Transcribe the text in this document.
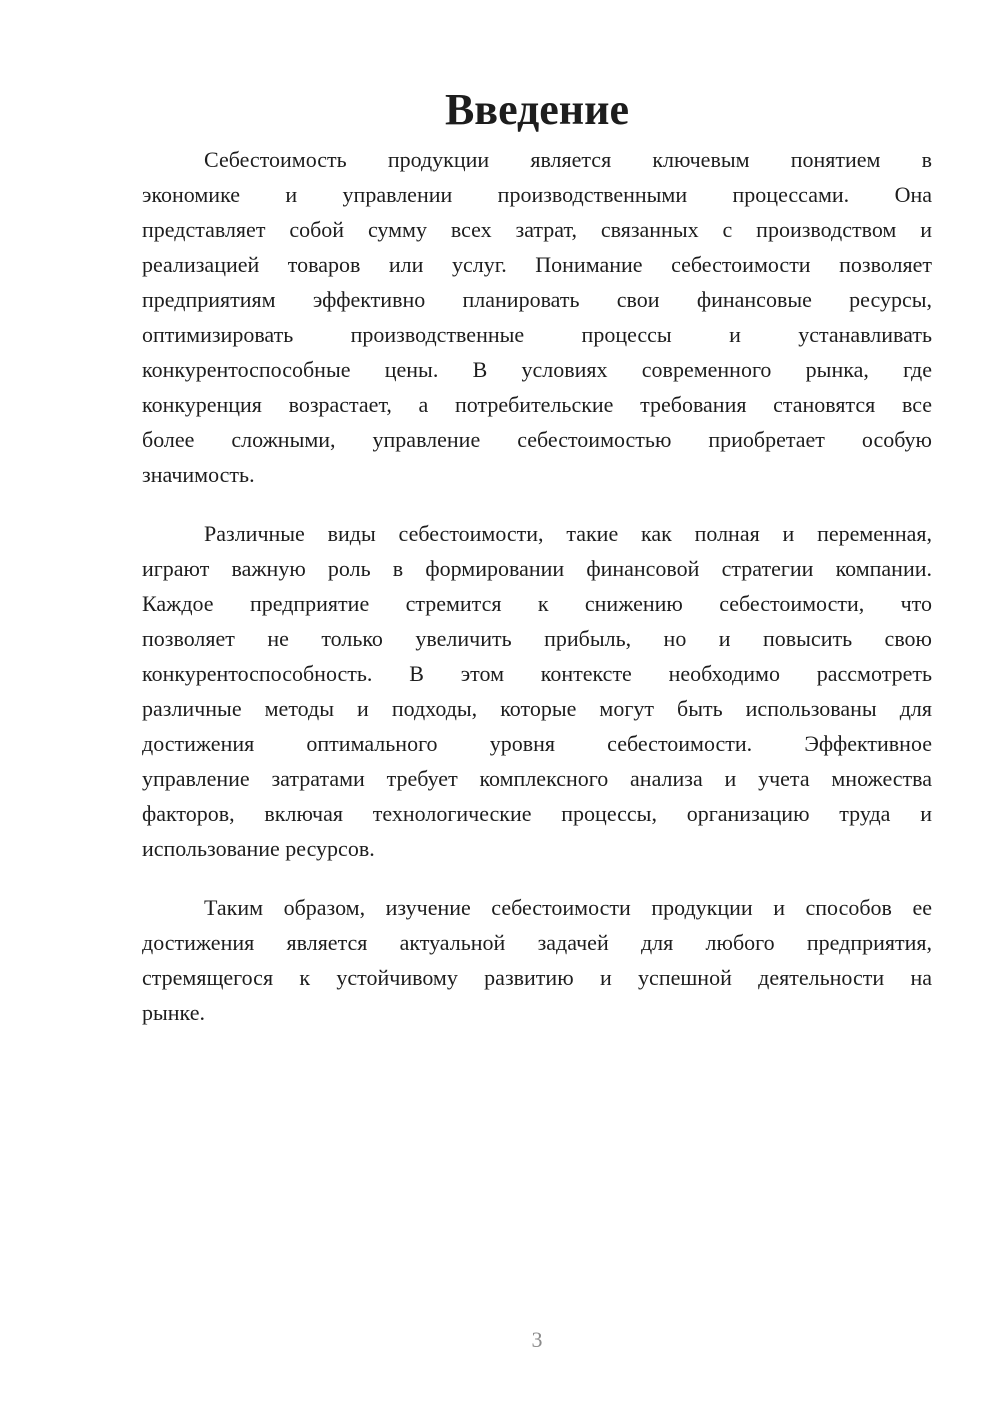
Введение
Себестоимость продукции является ключевым понятием в
экономике и управлении производственными процессами. Она
представляет собой сумму всех затрат, связанных с производством и
реализацией товаров или услуг. Понимание себестоимости позволяет
предприятиям эффективно планировать свои финансовые ресурсы,
оптимизировать производственные процессы и устанавливать
конкурентоспособные цены. В условиях современного рынка, где
конкуренция возрастает, а потребительские требования становятся все
более сложными, управление себестоимостью приобретает особую
значимость.
Различные виды себестоимости, такие как полная и переменная,
играют важную роль в формировании финансовой стратегии компании.
Каждое предприятие стремится к снижению себестоимости, что
позволяет не только увеличить прибыль, но и повысить свою
конкурентоспособность. В этом контексте необходимо рассмотреть
различные методы и подходы, которые могут быть использованы для
достижения оптимального уровня себестоимости. Эффективное
управление затратами требует комплексного анализа и учета множества
факторов, включая технологические процессы, организацию труда и
использование ресурсов.
Таким образом, изучение себестоимости продукции и способов ее
достижения является актуальной задачей для любого предприятия,
стремящегося к устойчивому развитию и успешной деятельности на
рынке.
3
